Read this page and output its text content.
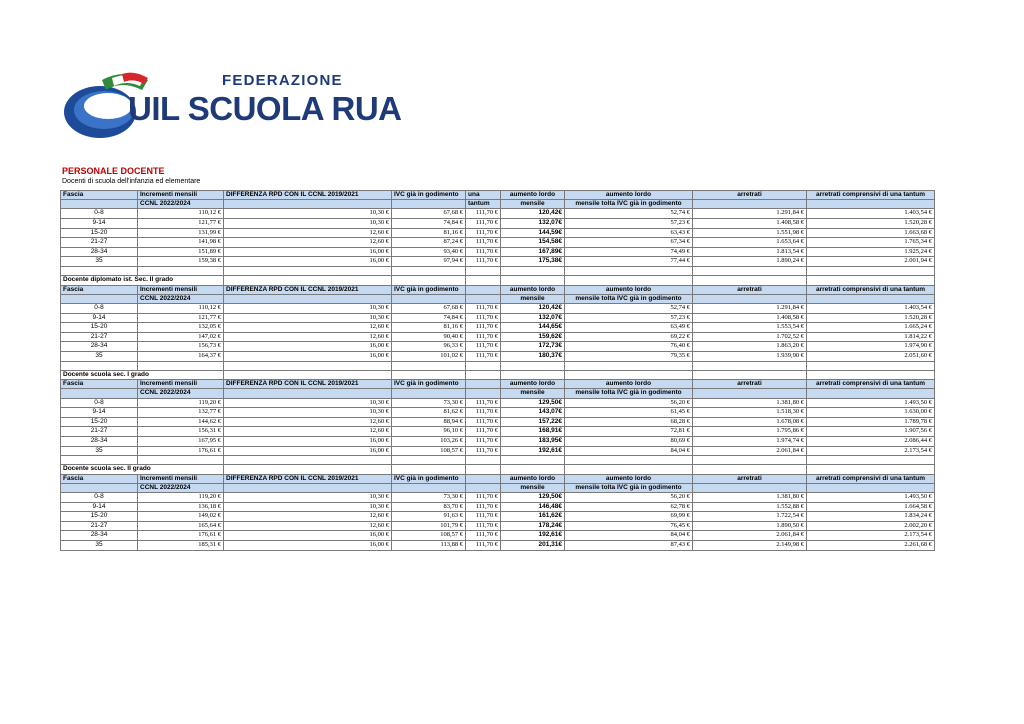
FEDERAZIONE
UIL SCUOLA RUA
PERSONALE DOCENTE
Docenti di scuola dell'infanzia ed elementare
Fascia	Incrementi mensili	DIFFERENZA RPD CON IL CCNL 2019/2021	IVC già in godimento	una	aumento lordo	aumento lordo	arretrati	arretrati comprensivi di una tantum
	CCNL 2022/2024			tantum	mensile	mensile tolta IVC già in godimento		
0-8	110,12 €	10,30 €	67,68 €	111,70 €	120,42€	52,74 €	1.291,84 €	1.403,54 €
9-14	121,77 €	10,30 €	74,84 €	111,70 €	132,07€	57,23 €	1.408,58 €	1.520,28 €
15-20	131,99 €	12,60 €	81,16 €	111,70 €	144,59€	63,43 €	1.551,98 €	1.663,68 €
21-27	141,98 €	12,60 €	87,24 €	111,70 €	154,58€	67,34 €	1.653,64 €	1.765,34 €
28-34	151,89 €	16,00 €	93,40 €	111,70 €	167,89€	74,49 €	1.813,54 €	1.925,24 €
35	159,38 €	16,00 €	97,94 €	111,70 €	175,38€	77,44 €	1.890,24 €	2.001,94 €

Docente diplomato ist. Sec. II grado								
Fascia	Incrementi mensili	DIFFERENZA RPD CON IL CCNL 2019/2021	IVC già in godimento		aumento lordo	aumento lordo	arretrati	arretrati comprensivi di una tantum
	CCNL 2022/2024				mensile	mensile tolta IVC già in godimento		
0-8	110,12 €	10,30 €	67,68 €	111,70 €	120,42€	52,74 €	1.291,84 €	1.403,54 €
9-14	121,77 €	10,30 €	74,84 €	111,70 €	132,07€	57,23 €	1.408,58 €	1.520,28 €
15-20	132,05 €	12,60 €	81,16 €	111,70 €	144,65€	63,49 €	1.553,54 €	1.665,24 €
21-27	147,02 €	12,60 €	90,40 €	111,70 €	159,62€	69,22 €	1.702,52 €	1.814,22 €
28-34	156,73 €	16,00 €	96,33 €	111,70 €	172,73€	76,40 €	1.863,20 €	1.974,90 €
35	164,37 €	16,00 €	101,02 €	111,70 €	180,37€	79,35 €	1.939,90 €	2.051,60 €

Docente scuola sec. I grado								
Fascia	Incrementi mensili	DIFFERENZA RPD CON IL CCNL 2019/2021	IVC già in godimento		aumento lordo	aumento lordo	arretrati	arretrati comprensivi di una tantum
	CCNL 2022/2024				mensile	mensile tolta IVC già in godimento		
0-8	119,20 €	10,30 €	73,30 €	111,70 €	129,50€	56,20 €	1.381,80 €	1.493,50 €
9-14	132,77 €	10,30 €	81,62 €	111,70 €	143,07€	61,45 €	1.518,30 €	1.630,00 €
15-20	144,62 €	12,60 €	88,94 €	111,70 €	157,22€	68,28 €	1.678,08 €	1.789,78 €
21-27	156,31 €	12,60 €	96,10 €	111,70 €	168,91€	72,81 €	1.795,86 €	1.907,56 €
28-34	167,95 €	16,00 €	103,26 €	111,70 €	183,95€	80,69 €	1.974,74 €	2.086,44 €
35	176,61 €	16,00 €	108,57 €	111,70 €	192,61€	84,04 €	2.061,84 €	2.173,54 €

Docente scuola sec. II grado								
Fascia	Incrementi mensili	DIFFERENZA RPD CON IL CCNL 2019/2021	IVC già in godimento		aumento lordo	aumento lordo	arretrati	arretrati comprensivi di una tantum
	CCNL 2022/2024				mensile	mensile tolta IVC già in godimento		
0-8	119,20 €	10,30 €	73,30 €	111,70 €	129,50€	56,20 €	1.381,80 €	1.493,50 €
9-14	136,18 €	10,30 €	83,70 €	111,70 €	146,48€	62,78 €	1.552,88 €	1.664,58 €
15-20	149,02 €	12,60 €	91,63 €	111,70 €	161,62€	69,99 €	1.722,54 €	1.834,24 €
21-27	165,64 €	12,60 €	101,79 €	111,70 €	178,24€	76,45 €	1.890,50 €	2.002,20 €
28-34	176,61 €	16,00 €	108,57 €	111,70 €	192,61€	84,04 €	2.061,84 €	2.173,54 €
35	185,31 €	16,00 €	113,88 €	111,70 €	201,31€	87,43 €	2.149,98 €	2.261,68 €
